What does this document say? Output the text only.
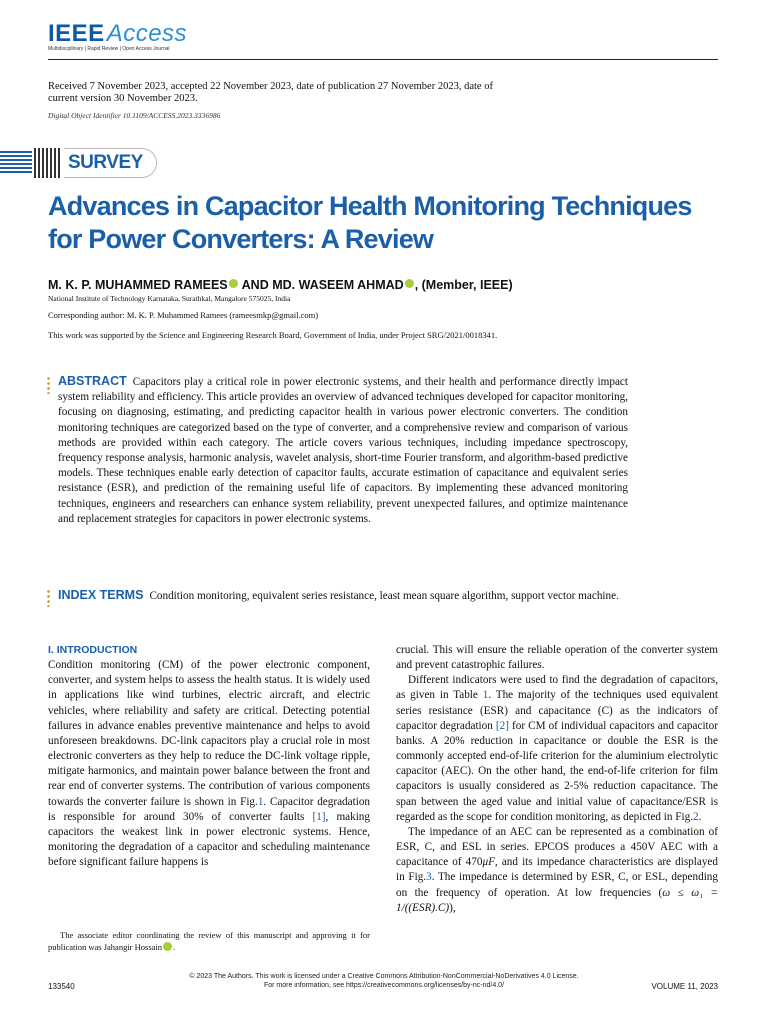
IEEEAccess
Multidisciplinary | Rapid Review | Open Access Journal
Received 7 November 2023, accepted 22 November 2023, date of publication 27 November 2023, date of current version 30 November 2023.
Digital Object Identifier 10.1109/ACCESS.2023.3336986
SURVEY
Advances in Capacitor Health Monitoring Techniques for Power Converters: A Review
M. K. P. MUHAMMED RAMEES AND MD. WASEEM AHMAD , (Member, IEEE)
National Institute of Technology Karnataka, Surathkal, Mangalore 575025, India
Corresponding author: M. K. P. Muhammed Ramees (rameesmkp@gmail.com)
This work was supported by the Science and Engineering Research Board, Government of India, under Project SRG/2021/0018341.
ABSTRACT Capacitors play a critical role in power electronic systems, and their health and performance directly impact system reliability and efficiency. This article provides an overview of advanced techniques developed for capacitor monitoring, focusing on diagnosing, estimating, and predicting capacitor health in various power electronic converters. The condition monitoring techniques are categorized based on the type of converter, and a comprehensive review and comparison of various methods are provided within each category. The article covers various techniques, including impedance spectroscopy, frequency response analysis, harmonic analysis, wavelet analysis, short-time Fourier transform, and algorithm-based predictive models. These techniques enable early detection of capacitor faults, accurate estimation of capacitance and equivalent series resistance (ESR), and prediction of the remaining useful life of capacitors. By implementing these advanced monitoring techniques, engineers and researchers can enhance system reliability, prevent unexpected failures, and optimize maintenance and replacement strategies for capacitors in power electronic systems.
INDEX TERMS Condition monitoring, equivalent series resistance, least mean square algorithm, support vector machine.
I. INTRODUCTION

Condition monitoring (CM) of the power electronic component, converter, and system helps to assess the health status. It is widely used in applications like wind turbines, electric aircraft, and electric vehicles, where reliability and safety are critical. Detecting potential failures in advance enables preventive maintenance and helps to avoid unforeseen breakdowns. DC-link capacitors play a crucial role in most electronic converters as they help to reduce the DC-link voltage ripple, mitigate harmonics, and maintain power balance between the front and rear end of converter systems. The contribution of various components towards the converter failure is shown in Fig.1. Capacitor degradation is responsible for around 30% of converter faults [1], making capacitors the weakest link in power electronic systems. Hence, monitoring the degradation of a capacitor and scheduling maintenance before significant failure happens is

The associate editor coordinating the review of this manuscript and approving it for publication was Jahangir Hossain .

crucial. This will ensure the reliable operation of the converter system and prevent catastrophic failures.

Different indicators were used to find the degradation of capacitors, as given in Table 1. The majority of the techniques used equivalent series resistance (ESR) and capacitance (C) as the indicators of capacitor degradation [2] for CM of individual capacitors and capacitor banks. A 20% reduction in capacitance or double the ESR is the commonly accepted end-of-life criterion for the aluminium electrolytic capacitor (AEC). On the other hand, the end-of-life criterion for film capacitors is usually considered as 2-5% reduction capacitance. The span between the aged value and initial value of capacitance/ESR is regarded as the scope for condition monitoring, as depicted in Fig.2.

The impedance of an AEC can be represented as a combination of ESR, C, and ESL in series. EPCOS produces a 450V AEC with a capacitance of 470μF, and its impedance characteristics are displayed in Fig.3. The impedance is determined by ESR, C, or ESL, depending on the frequency of operation. At low frequencies (ω ≤ ω₁ = 1/((ESR).C)),

© 2023 The Authors. This work is licensed under a Creative Commons Attribution-NonCommercial-NoDerivatives 4.0 License.
For more information, see https://creativecommons.org/licenses/by-nc-nd/4.0/
133540	VOLUME 11, 2023
